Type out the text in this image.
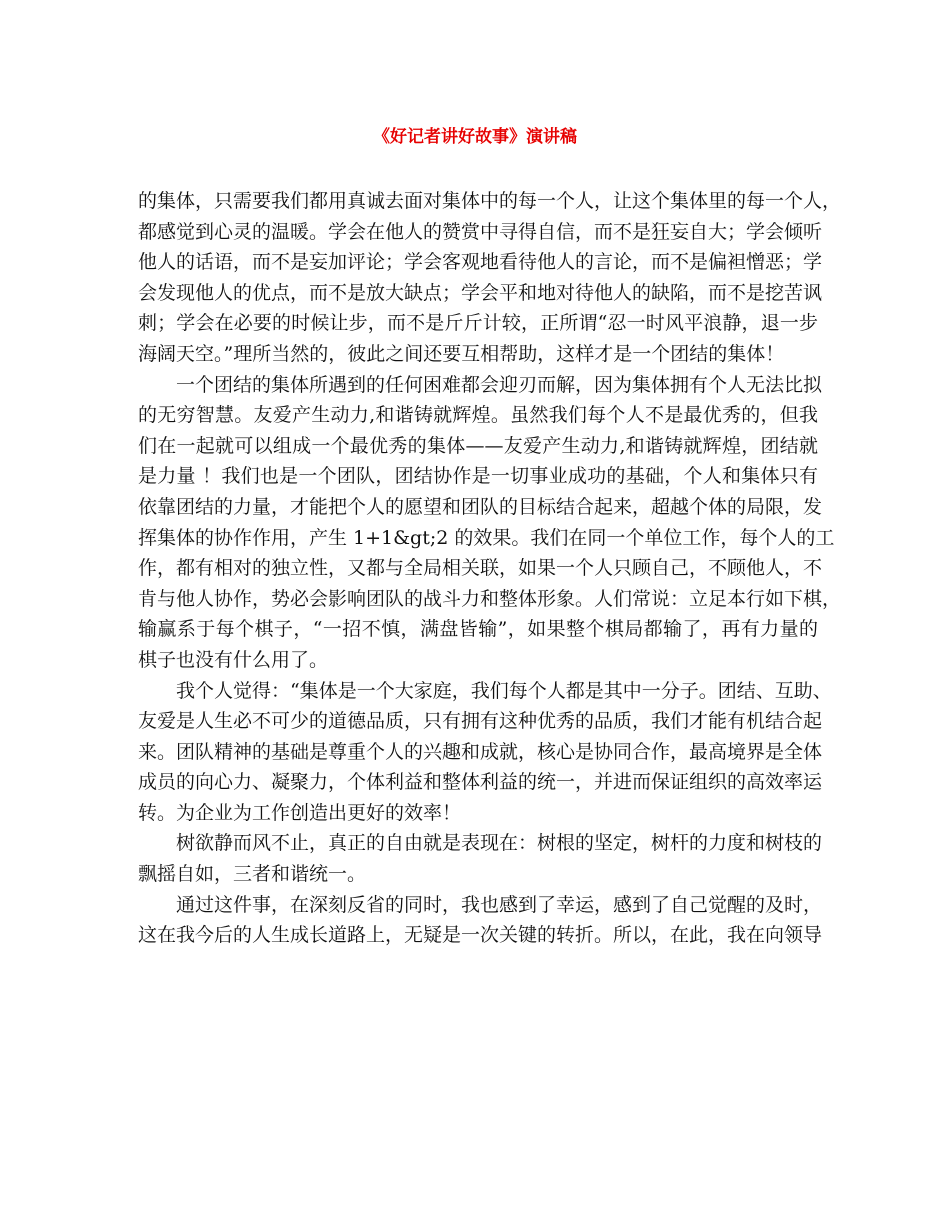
《好记者讲好故事》演讲稿
的集体，只需要我们都用真诚去面对集体中的每一个人，让这个集体里的每一个人，
都感觉到心灵的温暖。学会在他人的赞赏中寻得自信，而不是狂妄自大；学会倾听
他人的话语，而不是妄加评论；学会客观地看待他人的言论，而不是偏袒憎恶；学
会发现他人的优点，而不是放大缺点；学会平和地对待他人的缺陷，而不是挖苦讽
刺；学会在必要的时候让步，而不是斤斤计较，正所谓“忍一时风平浪静，退一步
海阔天空。”理所当然的，彼此之间还要互相帮助，这样才是一个团结的集体！
一个团结的集体所遇到的任何困难都会迎刃而解，因为集体拥有个人无法比拟
的无穷智慧。友爱产生动力,和谐铸就辉煌。虽然我们每个人不是最优秀的，但我
们在一起就可以组成一个最优秀的集体——友爱产生动力,和谐铸就辉煌，团结就
是力量 ！我们也是一个团队，团结协作是一切事业成功的基础，个人和集体只有
依靠团结的力量，才能把个人的愿望和团队的目标结合起来，超越个体的局限，发
挥集体的协作作用，产生 1+1&gt;2 的效果。我们在同一个单位工作，每个人的工
作，都有相对的独立性，又都与全局相关联，如果一个人只顾自己，不顾他人，不
肯与他人协作，势必会影响团队的战斗力和整体形象。人们常说：立足本行如下棋，
输赢系于每个棋子，“一招不慎，满盘皆输”，如果整个棋局都输了，再有力量的
棋子也没有什么用了。
我个人觉得：“集体是一个大家庭，我们每个人都是其中一分子。团结、互助、
友爱是人生必不可少的道德品质，只有拥有这种优秀的品质，我们才能有机结合起
来。团队精神的基础是尊重个人的兴趣和成就，核心是协同合作，最高境界是全体
成员的向心力、凝聚力，个体利益和整体利益的统一，并进而保证组织的高效率运
转。为企业为工作创造出更好的效率！
树欲静而风不止，真正的自由就是表现在：树根的坚定，树杆的力度和树枝的
飘摇自如，三者和谐统一。
通过这件事，在深刻反省的同时，我也感到了幸运，感到了自己觉醒的及时，
这在我今后的人生成长道路上，无疑是一次关键的转折。所以，在此，我在向领导
